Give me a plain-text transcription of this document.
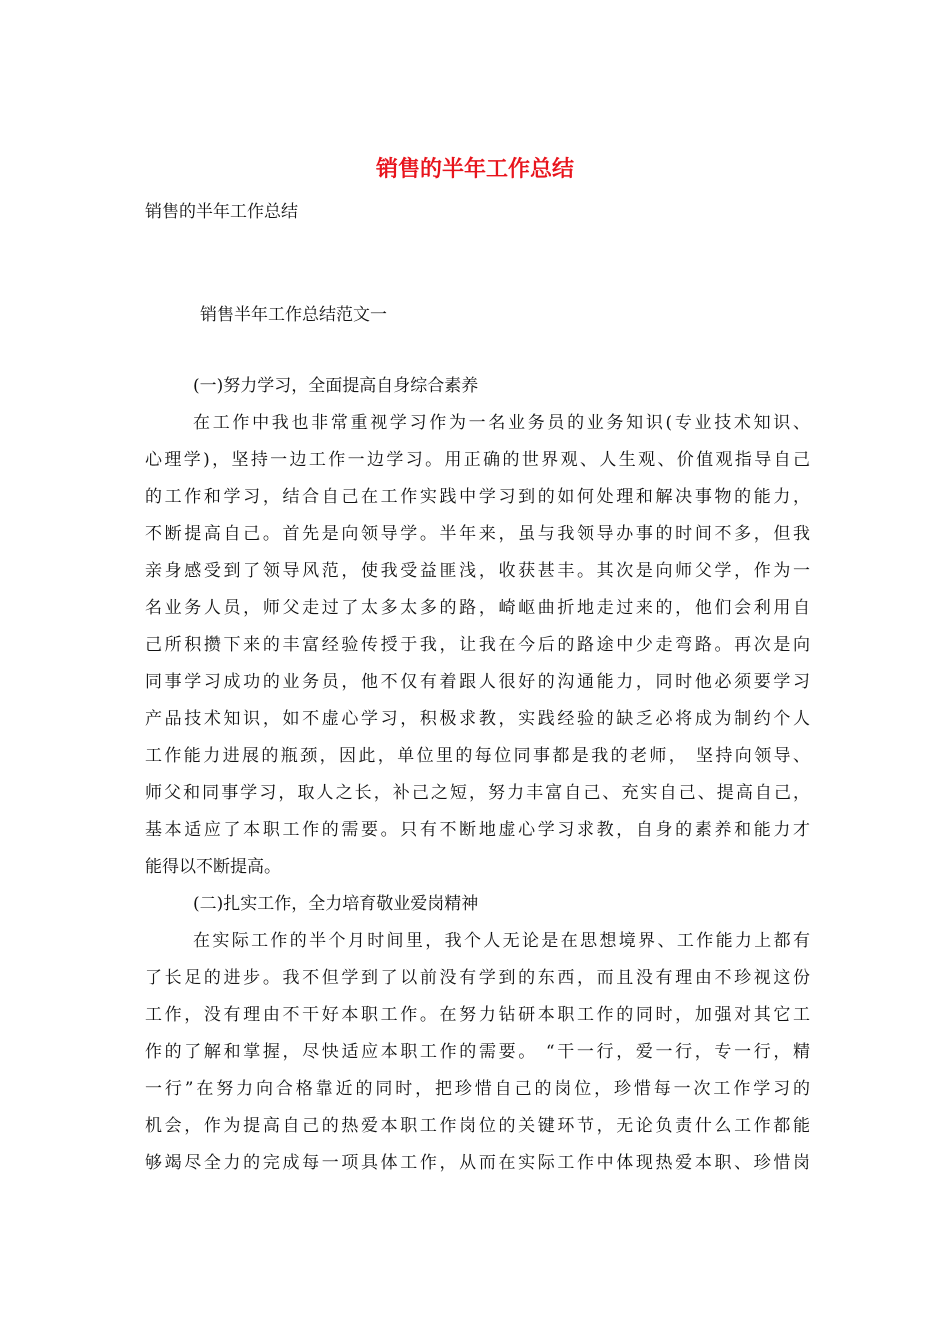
销售的半年工作总结

销售的半年工作总结

销售半年工作总结范文一

(一)努力学习，全面提高自身综合素养
在工作中我也非常重视学习作为一名业务员的业务知识(专业技术知识、
心理学)，坚持一边工作一边学习。用正确的世界观、人生观、价值观指导自己
的工作和学习，结合自己在工作实践中学习到的如何处理和解决事物的能力，
不断提高自己。首先是向领导学。半年来，虽与我领导办事的时间不多，但我
亲身感受到了领导风范，使我受益匪浅，收获甚丰。其次是向师父学，作为一
名业务人员，师父走过了太多太多的路，崎岖曲折地走过来的，他们会利用自
己所积攒下来的丰富经验传授于我，让我在今后的路途中少走弯路。再次是向
同事学习成功的业务员，他不仅有着跟人很好的沟通能力，同时他必须要学习
产品技术知识，如不虚心学习，积极求教，实践经验的缺乏必将成为制约个人
工作能力进展的瓶颈，因此，单位里的每位同事都是我的老师， 坚持向领导、
师父和同事学习，取人之长，补己之短，努力丰富自己、充实自己、提高自己，
基本适应了本职工作的需要。只有不断地虚心学习求教，自身的素养和能力才
能得以不断提高。
(二)扎实工作，全力培育敬业爱岗精神
在实际工作的半个月时间里，我个人无论是在思想境界、工作能力上都有
了长足的进步。我不但学到了以前没有学到的东西，而且没有理由不珍视这份
工作，没有理由不干好本职工作。在努力钻研本职工作的同时，加强对其它工
作的了解和掌握，尽快适应本职工作的需要。 “干一行，爱一行，专一行，精
一行”在努力向合格靠近的同时，把珍惜自己的岗位，珍惜每一次工作学习的
机会，作为提高自己的热爱本职工作岗位的关键环节，无论负责什么工作都能
够竭尽全力的完成每一项具体工作，从而在实际工作中体现热爱本职、珍惜岗
